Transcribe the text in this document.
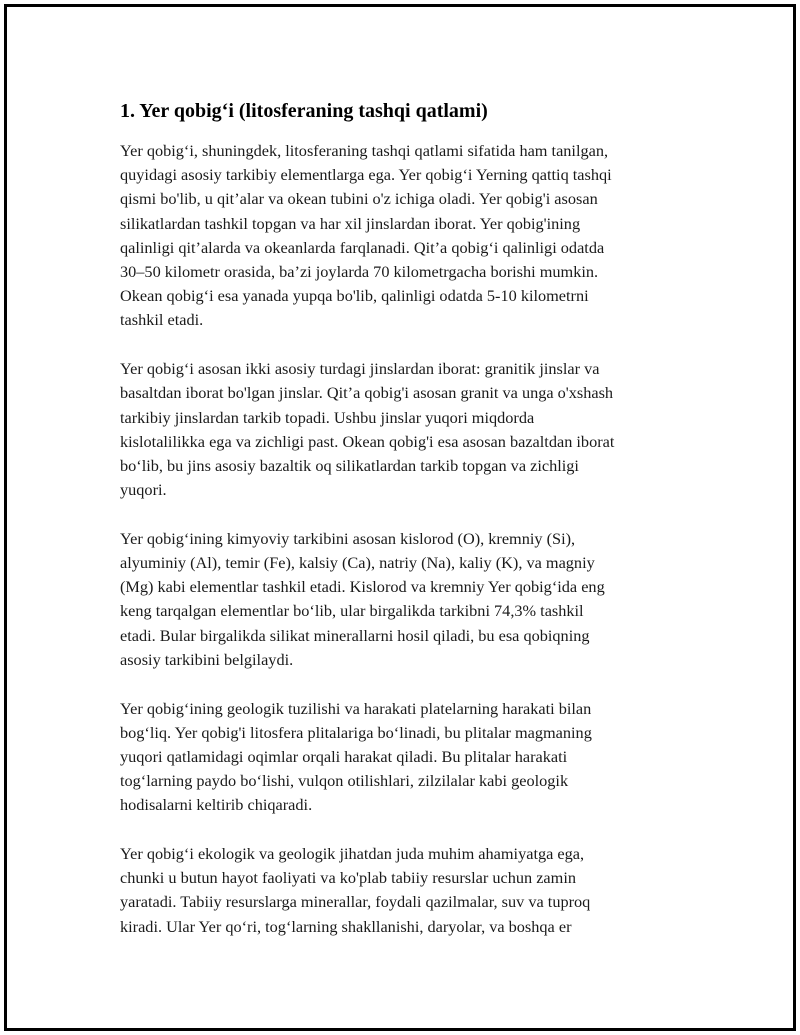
1. Yer qobig‘i (litosferaning tashqi qatlami)
Yer qobig‘i, shuningdek, litosferaning tashqi qatlami sifatida ham tanilgan,
quyidagi asosiy tarkibiy elementlarga ega. Yer qobig‘i Yerning qattiq tashqi
qismi bo'lib, u qit’alar va okean tubini o'z ichiga oladi. Yer qobig'i asosan
silikatlardan tashkil topgan va har xil jinslardan iborat. Yer qobig'ining
qalinligi qit’alarda va okeanlarda farqlanadi. Qit’a qobig‘i qalinligi odatda
30–50 kilometr orasida, ba’zi joylarda 70 kilometrgacha borishi mumkin.
Okean qobig‘i esa yanada yupqa bo'lib, qalinligi odatda 5-10 kilometrni
tashkil etadi.
Yer qobig‘i asosan ikki asosiy turdagi jinslardan iborat: granitik jinslar va
basaltdan iborat bo'lgan jinslar. Qit’a qobig'i asosan granit va unga o'xshash
tarkibiy jinslardan tarkib topadi. Ushbu jinslar yuqori miqdorda
kislotalilikka ega va zichligi past. Okean qobig'i esa asosan bazaltdan iborat
bo‘lib, bu jins asosiy bazaltik oq silikatlardan tarkib topgan va zichligi
yuqori.
Yer qobig‘ining kimyoviy tarkibini asosan kislorod (O), kremniy (Si),
alyuminiy (Al), temir (Fe), kalsiy (Ca), natriy (Na), kaliy (K), va magniy
(Mg) kabi elementlar tashkil etadi. Kislorod va kremniy Yer qobig‘ida eng
keng tarqalgan elementlar bo‘lib, ular birgalikda tarkibni 74,3% tashkil
etadi. Bular birgalikda silikat minerallarni hosil qiladi, bu esa qobiqning
asosiy tarkibini belgilaydi.
Yer qobig‘ining geologik tuzilishi va harakati platelarning harakati bilan
bog‘liq. Yer qobig'i litosfera plitalariga bo‘linadi, bu plitalar magmaning
yuqori qatlamidagi oqimlar orqali harakat qiladi. Bu plitalar harakati
tog‘larning paydo bo‘lishi, vulqon otilishlari, zilzilalar kabi geologik
hodisalarni keltirib chiqaradi.
Yer qobig‘i ekologik va geologik jihatdan juda muhim ahamiyatga ega,
chunki u butun hayot faoliyati va ko'plab tabiiy resurslar uchun zamin
yaratadi. Tabiiy resurslarga minerallar, foydali qazilmalar, suv va tuproq
kiradi. Ular Yer qo‘ri, tog‘larning shakllanishi, daryolar, va boshqa er
